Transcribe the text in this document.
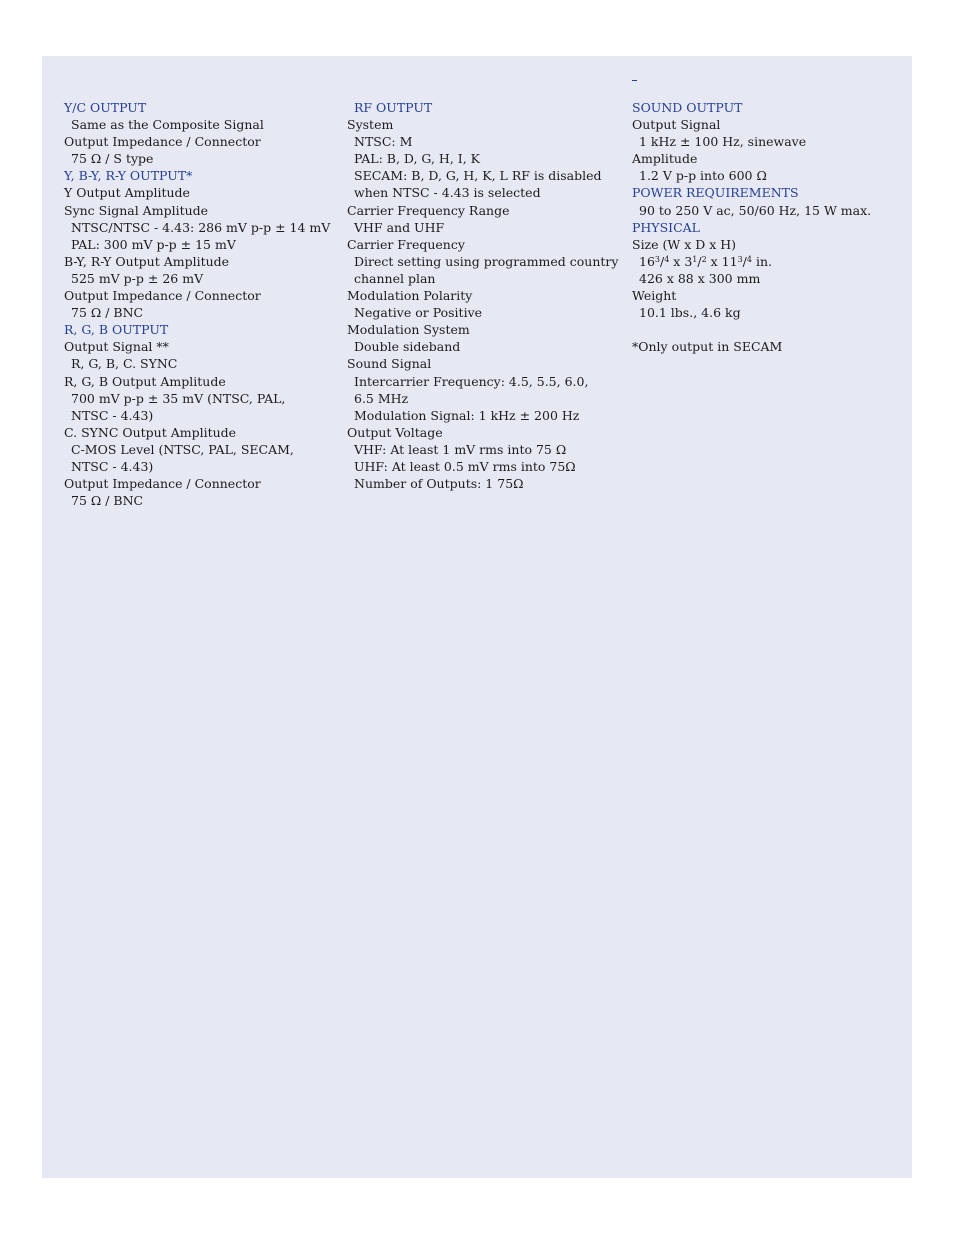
Y/C OUTPUT
Same as the Composite Signal
Output Impedance / Connector
75 Ω / S type
Y, B-Y, R-Y OUTPUT*
Y Output Amplitude
Sync Signal Amplitude
NTSC/NTSC - 4.43: 286 mV p-p ± 14 mV
PAL: 300 mV p-p ± 15 mV
B-Y, R-Y Output Amplitude
525 mV p-p ± 26 mV
Output Impedance / Connector
75 Ω / BNC
R, G, B OUTPUT
Output Signal **
R, G, B, C. SYNC
R, G, B Output Amplitude
700 mV p-p ± 35 mV (NTSC, PAL,
NTSC - 4.43)
C. SYNC Output Amplitude
C-MOS Level (NTSC, PAL, SECAM,
NTSC - 4.43)
Output Impedance / Connector
75 Ω / BNC
RF OUTPUT
System
NTSC: M
PAL: B, D, G, H, I, K
SECAM: B, D, G, H, K, L RF is disabled
when NTSC - 4.43 is selected
Carrier Frequency Range
VHF and UHF
Carrier Frequency
Direct setting using programmed country
channel plan
Modulation Polarity
Negative or Positive
Modulation System
Double sideband
Sound Signal
Intercarrier Frequency: 4.5, 5.5, 6.0,
6.5 MHz
Modulation Signal: 1 kHz ± 200 Hz
Output Voltage
VHF: At least 1 mV rms into 75 Ω
UHF: At least 0.5 mV rms into 75Ω
Number of Outputs: 1 75Ω
SOUND OUTPUT
Output Signal
1 kHz ± 100 Hz, sinewave
Amplitude
1.2 V p-p into 600 Ω
POWER REQUIREMENTS
90 to 250 V ac, 50/60 Hz, 15 W max.
PHYSICAL
Size (W x D x H)
$16^3/^4$ x $3^1/^2$ x $11^3/^4$ in.
426 x 88 x 300 mm
Weight
10.1 lbs., 4.6 kg
*Only output in SECAM
